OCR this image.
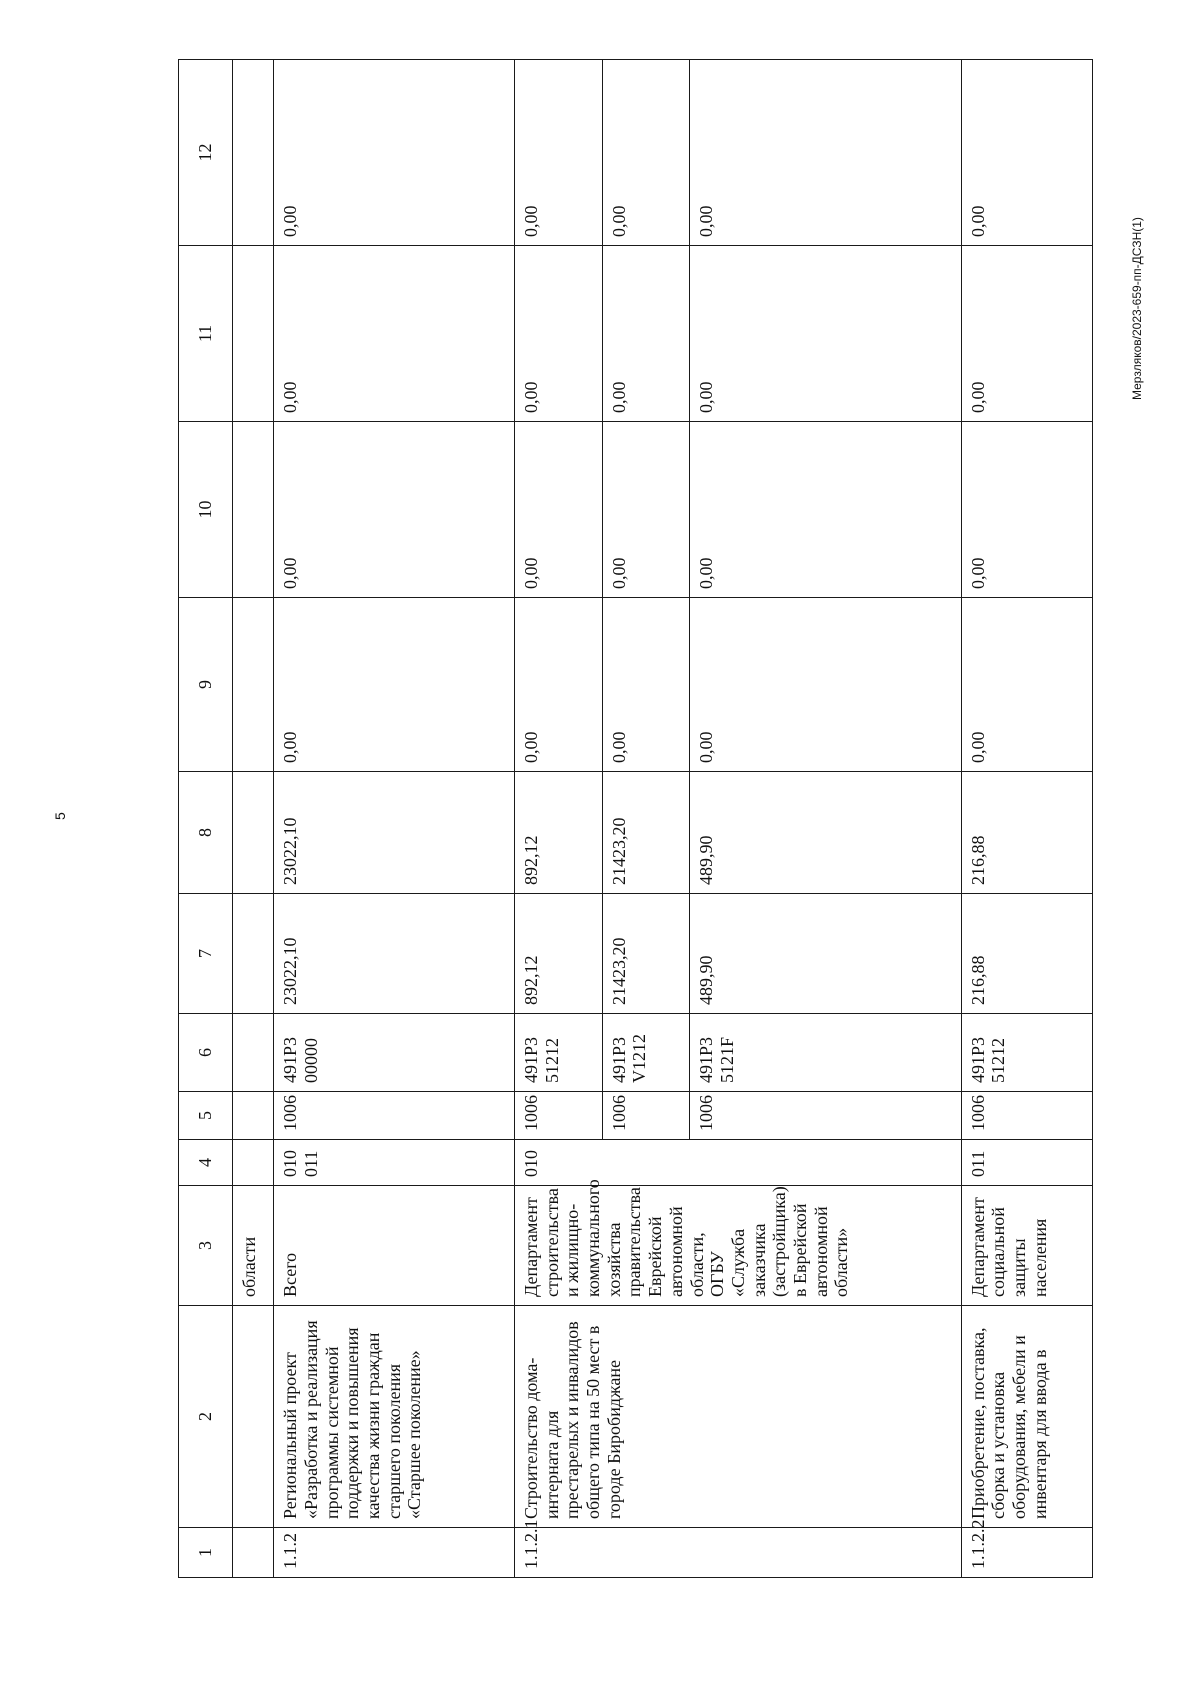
5
Мерзляков/2023-659-пп-ДСЗН(1)
1	2	3	4	5	6	7	8	9	10	11	12
		области									
1.1.2	Региональный проект «Разработка и реализация программы системной поддержки и повышения качества жизни граждан старшего поколения «Старшее поколение»	Всего	010 011	1006	491Р3 00000	23022,10	23022,10	0,00	0,00	0,00	0,00
1.1.2.1	Строительство дома-интерната для престарелых и инвалидов общего типа на 50 мест в городе Биробиджане	Департамент строительства и жилищно-коммунального хозяйства правительства Еврейской автономной области, ОГБУ «Служба заказчика (застройщика) в Еврейской автономной области»	010	1006	491Р3 51212	892,12	892,12	0,00	0,00	0,00	0,00
				1006	491Р3 V1212	21423,20	21423,20	0,00	0,00	0,00	0,00
				1006	491Р3 5121F	489,90	489,90	0,00	0,00	0,00	0,00
1.1.2.2	Приобретение, поставка, сборка и установка оборудования, мебели и инвентаря для ввода в	Департамент социальной защиты населения	011	1006	491Р3 51212	216,88	216,88	0,00	0,00	0,00	0,00
